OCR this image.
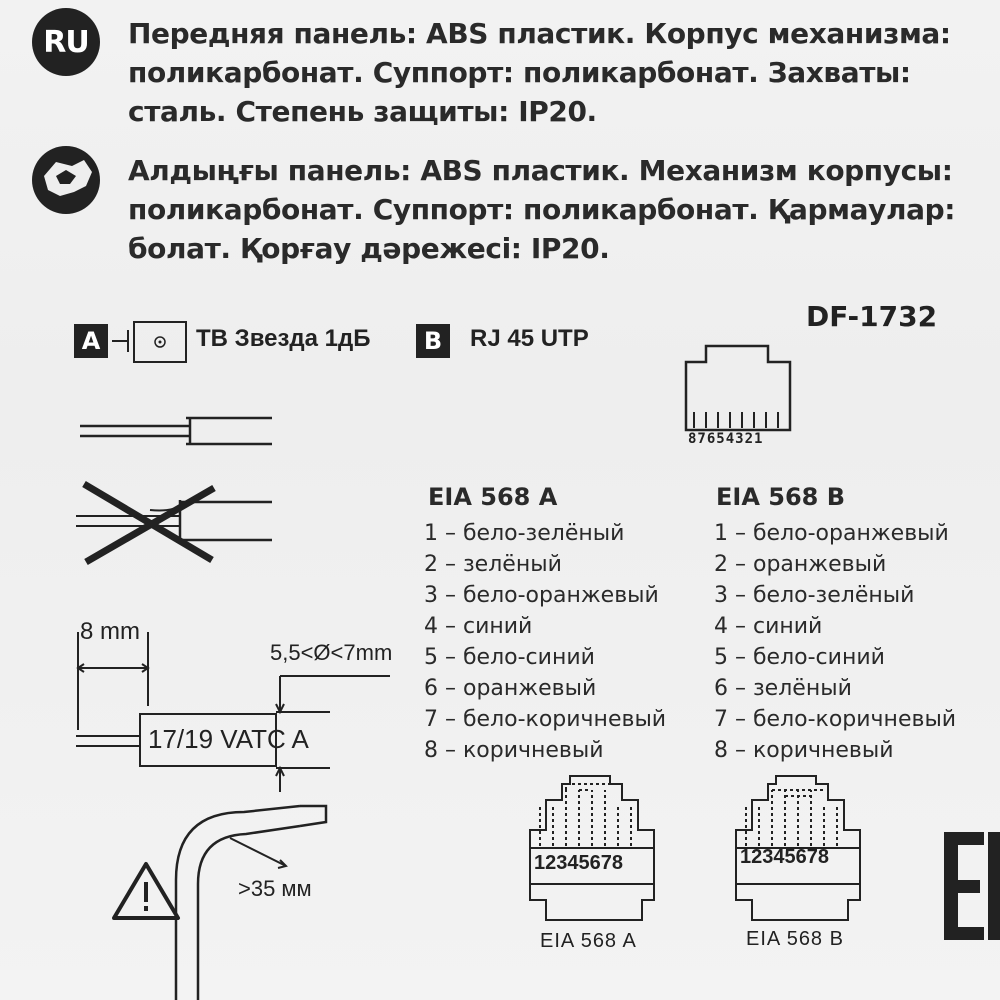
RU	Передняя панель: ABS пластик. Корпус механизма:
поликарбонат. Суппорт: поликарбонат. Захваты:
сталь. Степень защиты: IP20.
Алдыңғы панель: ABS пластик. Механизм корпусы:
поликарбонат. Суппорт: поликарбонат. Қармаулар:
болат. Қорғау дәрежесі: IP20.
A	ТВ Звезда 1дБ	B	RJ 45 UTP
DF-1732
87654321
EIA 568 A
1 – бело-зелёный
2 – зелёный
3 – бело-оранжевый
4 – синий
5 – бело-синий
6 – оранжевый
7 – бело-коричневый
8 – коричневый
EIA 568 B
1 – бело-оранжевый
2 – оранжевый
3 – бело-зелёный
4 – синий
5 – бело-синий
6 – зелёный
7 – бело-коричневый
8 – коричневый
8 mm
5,5<Ø<7mm
17/19 VATC A
>35 мм
12345678	12345678
EIA 568 A	EIA 568 B
